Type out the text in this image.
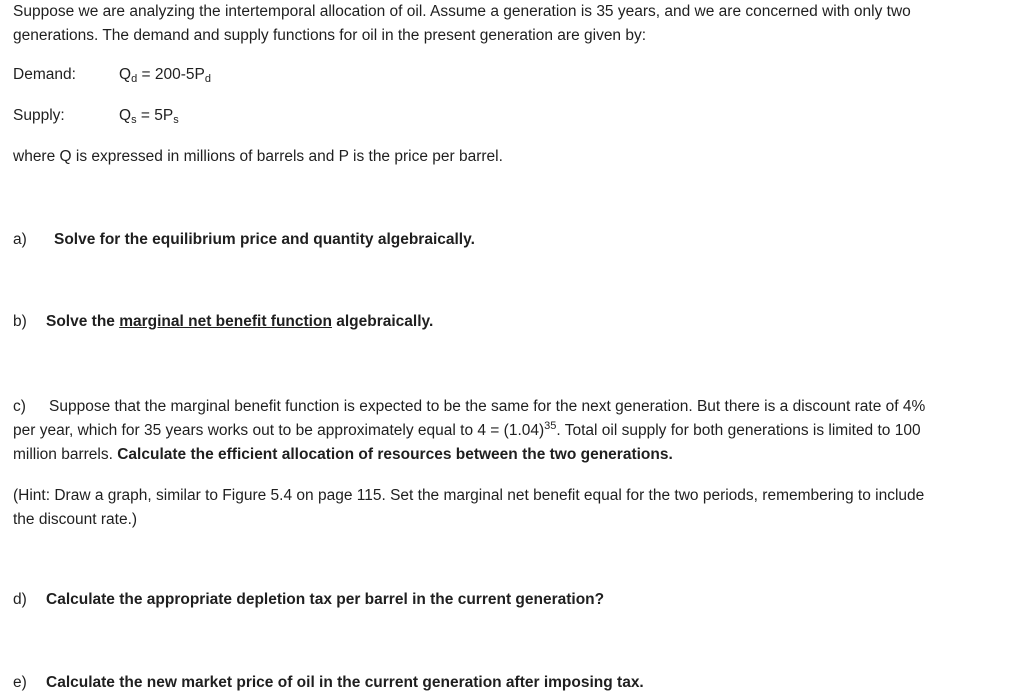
Suppose we are analyzing the intertemporal allocation of oil. Assume a generation is 35 years, and we are concerned with only two
generations. The demand and supply functions for oil in the present generation are given by:
Demand:	$Q_d = 200-5P_d$
Supply:	$Q_s = 5P_s$
where Q is expressed in millions of barrels and P is the price per barrel.
a) Solve for the equilibrium price and quantity algebraically.
b) Solve the marginal net benefit function algebraically.
c) Suppose that the marginal benefit function is expected to be the same for the next generation. But there is a discount rate of 4%
per year, which for 35 years works out to be approximately equal to $4 = (1.04)^{35}$. Total oil supply for both generations is limited to 100
million barrels. Calculate the efficient allocation of resources between the two generations.
(Hint: Draw a graph, similar to Figure 5.4 on page 115. Set the marginal net benefit equal for the two periods, remembering to include
the discount rate.)
d) Calculate the appropriate depletion tax per barrel in the current generation?
e) Calculate the new market price of oil in the current generation after imposing tax.
